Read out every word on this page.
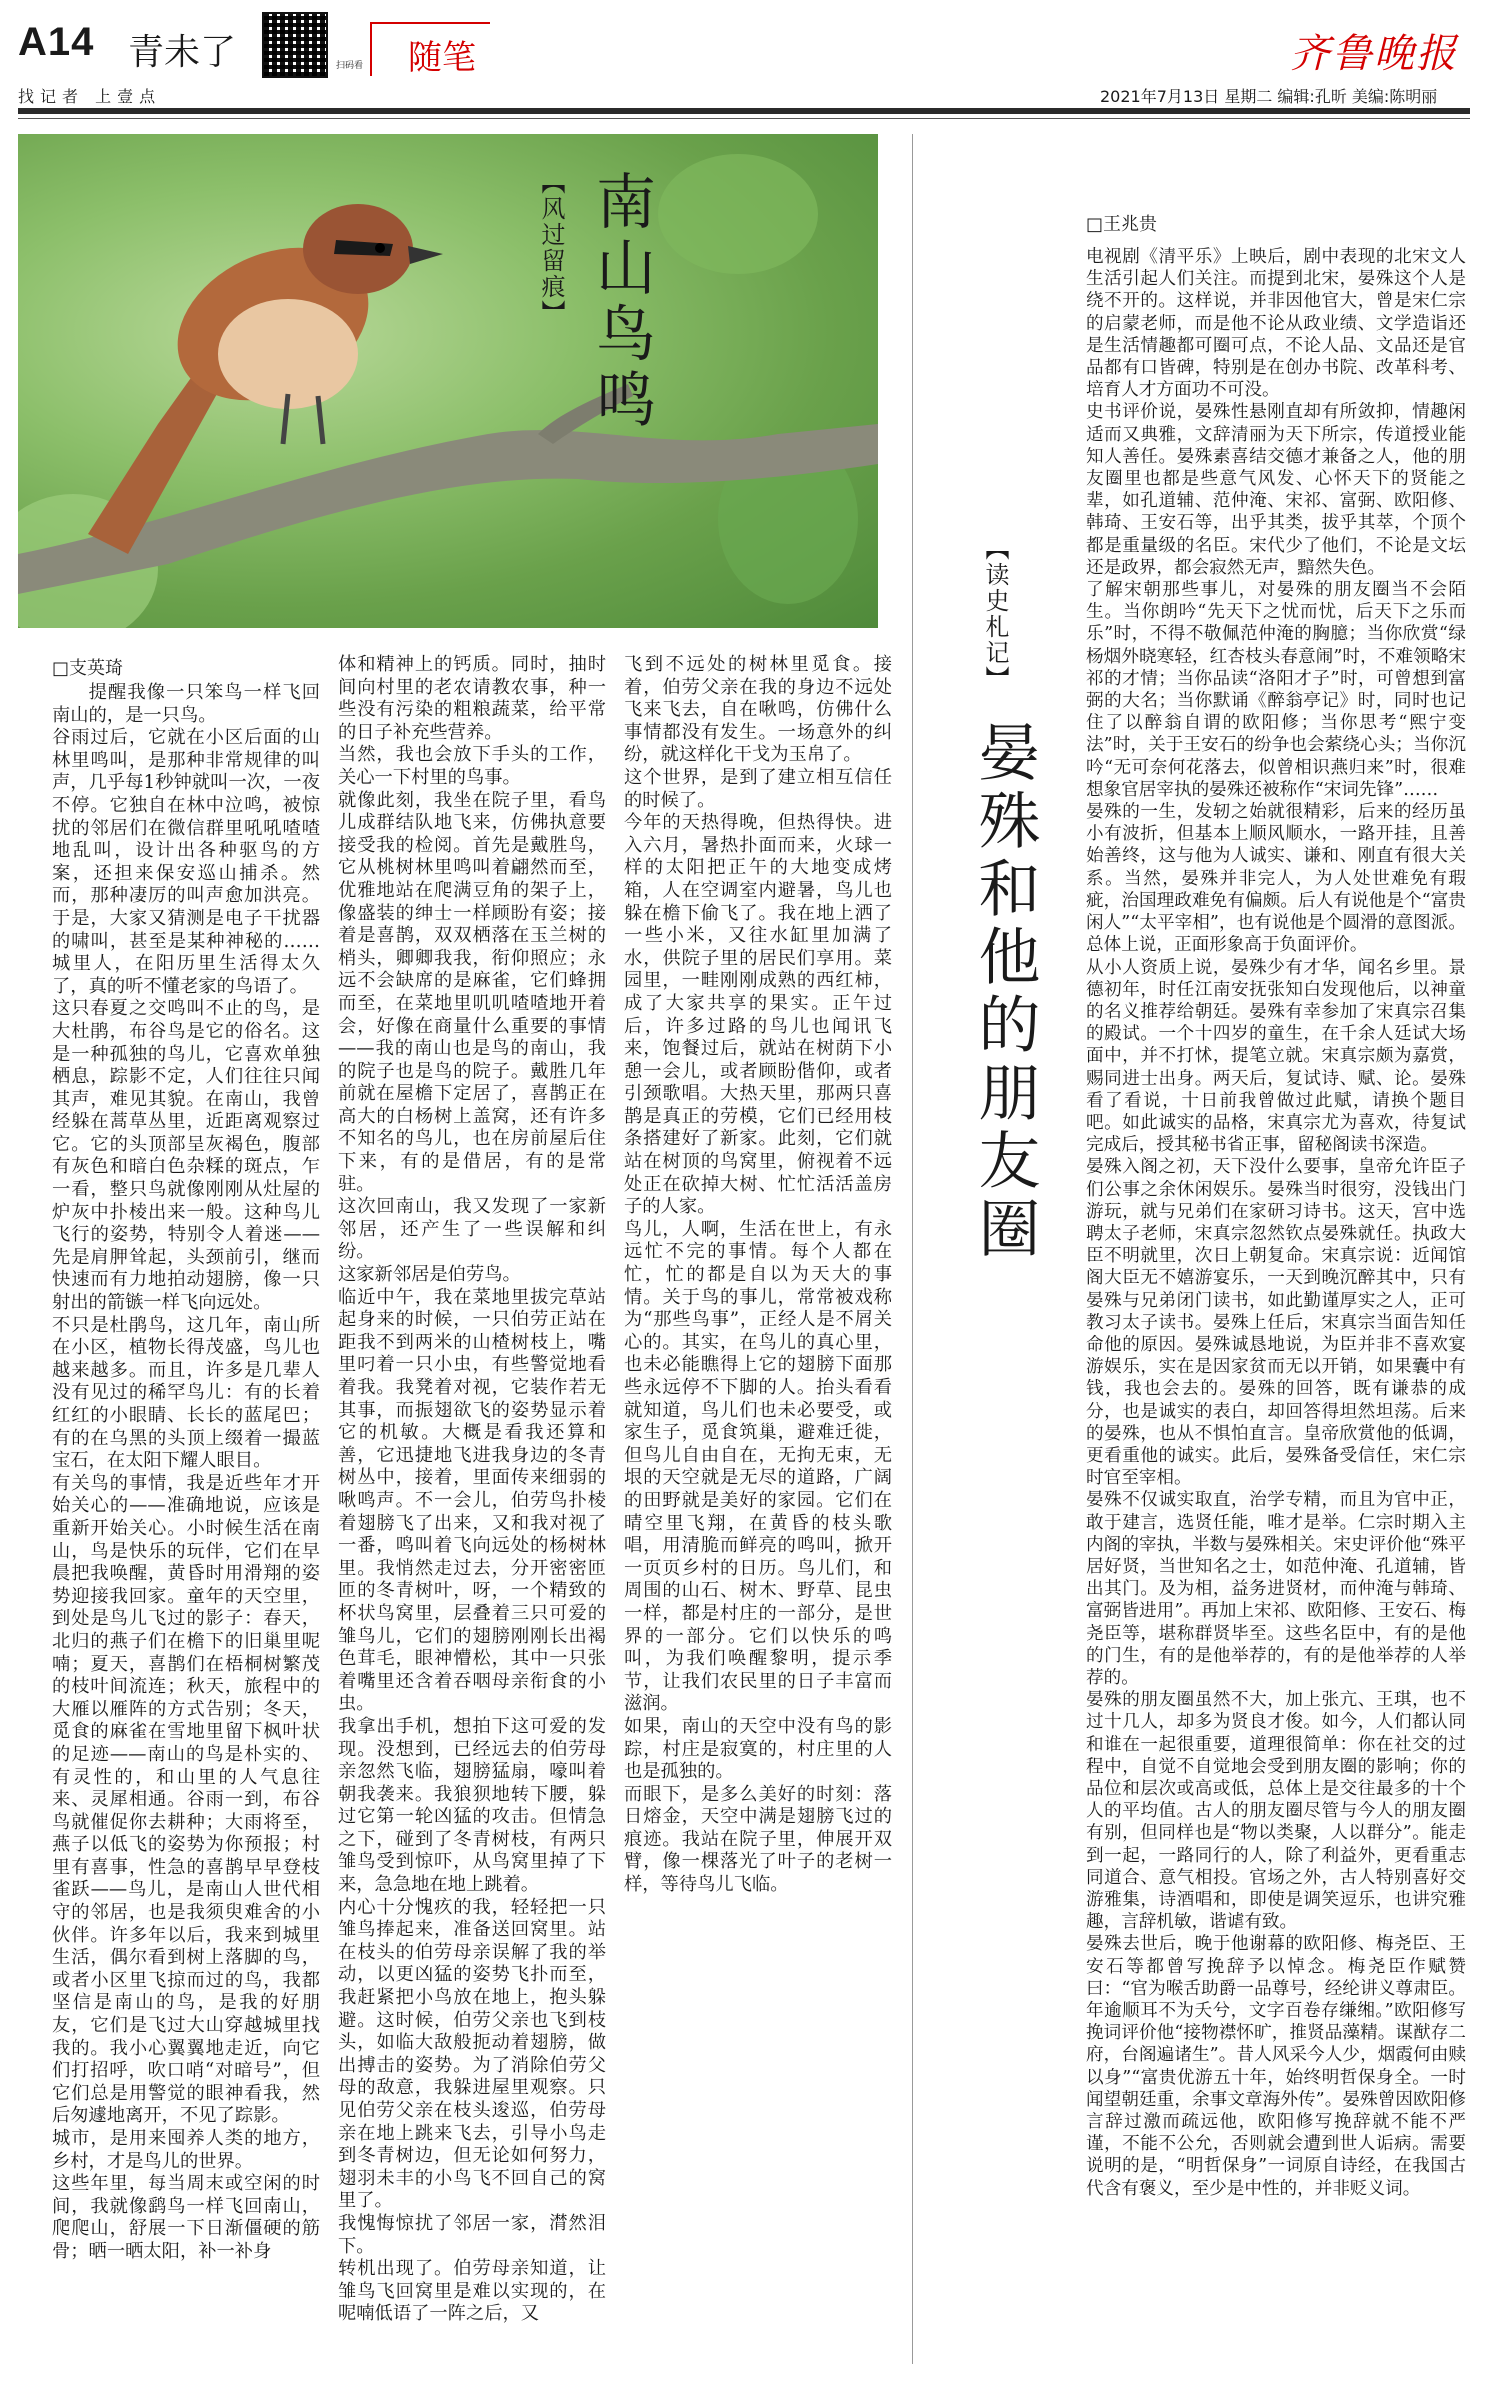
A14 青未了	扫码看 随笔	齐鲁晚报
找记者 上壹点	2021年7月13日 星期二 编辑:孔昕 美编:陈明丽
南山鸟鸣
【风过留痕】
□支英琦
提醒我像一只笨鸟一样飞回南山的，是一只鸟。
谷雨过后，它就在小区后面的山林里鸣叫，是那种非常规律的叫声，几乎每1秒钟就叫一次，一夜不停。它独自在林中泣鸣，被惊扰的邻居们在微信群里吼吼喳喳地乱叫，设计出各种驱鸟的方案，还担来保安巡山捕杀。然而，那种凄厉的叫声愈加洪亮。于是，大家又猜测是电子干扰器的啸叫，甚至是某种神秘的……城里人，在阳历里生活得太久了，真的听不懂老家的鸟语了。
这只春夏之交鸣叫不止的鸟，是大杜鹃，布谷鸟是它的俗名。这是一种孤独的鸟儿，它喜欢单独栖息，踪影不定，人们往往只闻其声，难见其貌。在南山，我曾经躲在蒿草丛里，近距离观察过它。它的头顶部呈灰褐色，腹部有灰色和暗白色杂糅的斑点，乍一看，整只鸟就像刚刚从灶屋的炉灰中扑棱出来一般。这种鸟儿飞行的姿势，特别令人着迷——先是肩胛耸起，头颈前引，继而快速而有力地拍动翅膀，像一只射出的箭镞一样飞向远处。
不只是杜鹃鸟，这几年，南山所在小区，植物长得茂盛，鸟儿也越来越多。而且，许多是几辈人没有见过的稀罕鸟儿：有的长着红红的小眼睛、长长的蓝尾巴；有的在乌黑的头顶上缀着一撮蓝宝石，在太阳下耀人眼目。
有关鸟的事情，我是近些年才开始关心的——准确地说，应该是重新开始关心。小时候生活在南山，鸟是快乐的玩伴，它们在早晨把我唤醒，黄昏时用滑翔的姿势迎接我回家。童年的天空里，到处是鸟儿飞过的影子：春天，北归的燕子们在檐下的旧巢里呢喃；夏天，喜鹊们在梧桐树繁茂的枝叶间流连；秋天，旅程中的大雁以雁阵的方式告别；冬天，觅食的麻雀在雪地里留下枫叶状的足迹——南山的鸟是朴实的、有灵性的，和山里的人气息往来、灵犀相通。谷雨一到，布谷鸟就催促你去耕种；大雨将至，燕子以低飞的姿势为你预报；村里有喜事，性急的喜鹊早早登枝雀跃——鸟儿，是南山人世代相守的邻居，也是我须臾难舍的小伙伴。许多年以后，我来到城里生活，偶尔看到树上落脚的鸟，或者小区里飞掠而过的鸟，我都坚信是南山的鸟，是我的好朋友，它们是飞过大山穿越城里找我的。我小心翼翼地走近，向它们打招呼，吹口哨“对暗号”，但它们总是用警觉的眼神看我，然后匆遽地离开，不见了踪影。
城市，是用来囤养人类的地方，乡村，才是鸟儿的世界。
这些年里，每当周末或空闲的时间，我就像鹞鸟一样飞回南山，爬爬山，舒展一下日渐僵硬的筋骨；晒一晒太阳，补一补身
体和精神上的钙质。同时，抽时间向村里的老农请教农事，种一些没有污染的粗粮蔬菜，给平常的日子补充些营养。
当然，我也会放下手头的工作，关心一下村里的鸟事。
就像此刻，我坐在院子里，看鸟儿成群结队地飞来，仿佛执意要接受我的检阅。首先是戴胜鸟，它从桃树林里鸣叫着翩然而至，优雅地站在爬满豆角的架子上，像盛装的绅士一样顾盼有姿；接着是喜鹊，双双栖落在玉兰树的梢头，卿卿我我，衔仰照应；永远不会缺席的是麻雀，它们蜂拥而至，在菜地里叽叽喳喳地开着会，好像在商量什么重要的事情——我的南山也是鸟的南山，我的院子也是鸟的院子。戴胜几年前就在屋檐下定居了，喜鹊正在高大的白杨树上盖窝，还有许多不知名的鸟儿，也在房前屋后住下来，有的是借居，有的是常驻。
这次回南山，我又发现了一家新邻居，还产生了一些误解和纠纷。
这家新邻居是伯劳鸟。
临近中午，我在菜地里拔完草站起身来的时候，一只伯劳正站在距我不到两米的山楂树枝上，嘴里叼着一只小虫，有些警觉地看着我。我凳着对视，它装作若无其事，而振翅欲飞的姿势显示着它的机敏。大概是看我还算和善，它迅捷地飞进我身边的冬青树丛中，接着，里面传来细弱的啾鸣声。不一会儿，伯劳鸟扑棱着翅膀飞了出来，又和我对视了一番，鸣叫着飞向远处的杨树林里。我悄然走过去，分开密密匝匝的冬青树叶，呀，一个精致的杯状鸟窝里，层叠着三只可爱的雏鸟儿，它们的翅膀刚刚长出褐色茸毛，眼神懵松，其中一只张着嘴里还含着吞咽母亲衔食的小虫。
我拿出手机，想拍下这可爱的发现。没想到，已经远去的伯劳母亲忽然飞临，翅膀猛扇，嚎叫着朝我袭来。我狼狈地转下腰，躲过它第一轮凶猛的攻击。但情急之下，碰到了冬青树枝，有两只雏鸟受到惊吓，从鸟窝里掉了下来，急急地在地上跳着。
内心十分愧疚的我，轻轻把一只雏鸟捧起来，准备送回窝里。站在枝头的伯劳母亲误解了我的举动，以更凶猛的姿势飞扑而至，我赶紧把小鸟放在地上，抱头躲避。这时候，伯劳父亲也飞到枝头，如临大敌般扼动着翅膀，做出搏击的姿势。为了消除伯劳父母的敌意，我躲进屋里观察。只见伯劳父亲在枝头逡巡，伯劳母亲在地上跳来飞去，引导小鸟走到冬青树边，但无论如何努力，翅羽未丰的小鸟飞不回自己的窝里了。
我愧悔惊扰了邻居一家，潸然泪下。
转机出现了。伯劳母亲知道，让雏鸟飞回窝里是难以实现的，在呢喃低语了一阵之后，又
飞到不远处的树林里觅食。接着，伯劳父亲在我的身边不远处飞来飞去，自在啾鸣，仿佛什么事情都没有发生。一场意外的纠纷，就这样化干戈为玉帛了。
这个世界，是到了建立相互信任的时候了。
今年的天热得晚，但热得快。进入六月，暑热扑面而来，火球一样的太阳把正午的大地变成烤箱，人在空调室内避暑，鸟儿也躲在檐下偷飞了。我在地上洒了一些小米，又往水缸里加满了水，供院子里的居民们享用。菜园里，一畦刚刚成熟的西红柿，成了大家共享的果实。正午过后，许多过路的鸟儿也闻讯飞来，饱餐过后，就站在树荫下小憩一会儿，或者顾盼偕仰，或者引颈歌唱。大热天里，那两只喜鹊是真正的劳模，它们已经用枝条搭建好了新家。此刻，它们就站在树顶的鸟窝里，俯视着不远处正在砍掉大树、忙忙活活盖房子的人家。
鸟儿，人啊，生活在世上，有永远忙不完的事情。每个人都在忙，忙的都是自以为天大的事情。关于鸟的事儿，常常被戏称为“那些鸟事”，正经人是不屑关心的。其实，在鸟儿的真心里，也未必能瞧得上它的翅膀下面那些永远停不下脚的人。抬头看看就知道，鸟儿们也未必要受，或家生子，觅食筑巢，避难迁徙，但鸟儿自由自在，无拘无束，无垠的天空就是无尽的道路，广阔的田野就是美好的家园。它们在晴空里飞翔，在黄昏的枝头歌唱，用清脆而鲜亮的鸣叫，掀开一页页乡村的日历。鸟儿们，和周围的山石、树木、野草、昆虫一样，都是村庄的一部分，是世界的一部分。它们以快乐的鸣叫，为我们唤醒黎明，提示季节，让我们农民里的日子丰富而滋润。
如果，南山的天空中没有鸟的影踪，村庄是寂寞的，村庄里的人也是孤独的。
而眼下，是多么美好的时刻：落日熔金，天空中满是翅膀飞过的痕迹。我站在院子里，伸展开双臂，像一棵落光了叶子的老树一样，等待鸟儿飞临。
【读史札记】
晏殊和他的朋友圈
□王兆贵
电视剧《清平乐》上映后，剧中表现的北宋文人生活引起人们关注。而提到北宋，晏殊这个人是绕不开的。这样说，并非因他官大，曾是宋仁宗的启蒙老师，而是他不论从政业绩、文学造诣还是生活情趣都可圈可点，不论人品、文品还是官品都有口皆碑，特别是在创办书院、改革科考、培育人才方面功不可没。
史书评价说，晏殊性悬刚直却有所敛抑，情趣闲适而又典雅，文辞清丽为天下所宗，传道授业能知人善任。晏殊素喜结交德才兼备之人，他的朋友圈里也都是些意气风发、心怀天下的贤能之辈，如孔道辅、范仲淹、宋祁、富弼、欧阳修、韩琦、王安石等，出乎其类，拔乎其萃，个顶个都是重量级的名臣。宋代少了他们，不论是文坛还是政界，都会寂然无声，黯然失色。
了解宋朝那些事儿，对晏殊的朋友圈当不会陌生。当你朗吟“先天下之忧而忧，后天下之乐而乐”时，不得不敬佩范仲淹的胸臆；当你欣赏“绿杨烟外晓寒轻，红杏枝头春意闹”时，不难领略宋祁的才情；当你品读“洛阳才子”时，可曾想到富弼的大名；当你默诵《醉翁亭记》时，同时也记住了以醉翁自谓的欧阳修；当你思考“熙宁变法”时，关于王安石的纷争也会萦绕心头；当你沉吟“无可奈何花落去，似曾相识燕归来”时，很难想象官居宰执的晏殊还被称作“宋词先锋”……
晏殊的一生，发轫之始就很精彩，后来的经历虽小有波折，但基本上顺风顺水，一路开挂，且善始善终，这与他为人诚实、谦和、刚直有很大关系。当然，晏殊并非完人，为人处世难免有瑕疵，治国理政难免有偏颇。后人有说他是个“富贵闲人”“太平宰相”，也有说他是个圆滑的意图派。总体上说，正面形象高于负面评价。
从小人资质上说，晏殊少有才华，闻名乡里。景德初年，时任江南安抚张知白发现他后，以神童的名义推荐给朝廷。晏殊有幸参加了宋真宗召集的殿试。一个十四岁的童生，在千余人廷试大场面中，并不打怵，提笔立就。宋真宗颇为嘉赏，赐同进士出身。两天后，复试诗、赋、论。晏殊看了看说，十日前我曾做过此赋，请换个题目吧。如此诚实的品格，宋真宗尤为喜欢，待复试完成后，授其秘书省正事，留秘阁读书深造。
晏殊入阁之初，天下没什么要事，皇帝允许臣子们公事之余休闲娱乐。晏殊当时很穷，没钱出门游玩，就与兄弟们在家研习诗书。这天，宫中选聘太子老师，宋真宗忽然钦点晏殊就任。执政大臣不明就里，次日上朝复命。宋真宗说：近闻馆阁大臣无不嬉游宴乐，一天到晚沉醉其中，只有晏殊与兄弟闭门读书，如此勤谨厚实之人，正可教习太子读书。晏殊上任后，宋真宗当面告知任命他的原因。晏殊诚恳地说，为臣并非不喜欢宴游娱乐，实在是因家贫而无以开销，如果囊中有钱，我也会去的。晏殊的回答，既有谦恭的成分，也是诚实的表白，却回答得坦然坦荡。后来的晏殊，也从不惧怕直言。皇帝欣赏他的低调，更看重他的诚实。此后，晏殊备受信任，宋仁宗时官至宰相。
晏殊不仅诚实取直，治学专精，而且为官中正，敢于建言，选贤任能，唯才是举。仁宗时期入主内阁的宰执，半数与晏殊相关。宋史评价他“殊平居好贤，当世知名之士，如范仲淹、孔道辅，皆出其门。及为相，益务进贤材，而仲淹与韩琦、富弼皆进用”。再加上宋祁、欧阳修、王安石、梅尧臣等，堪称群贤毕至。这些名臣中，有的是他的门生，有的是他举荐的，有的是他举荐的人举荐的。
晏殊的朋友圈虽然不大，加上张亢、王琪，也不过十几人，却多为贤良才俊。如今，人们都认同和谁在一起很重要，道理很简单：你在社交的过程中，自觉不自觉地会受到朋友圈的影响；你的品位和层次或高或低，总体上是交往最多的十个人的平均值。古人的朋友圈尽管与今人的朋友圈有别，但同样也是“物以类聚，人以群分”。能走到一起，一路同行的人，除了利益外，更看重志同道合、意气相投。官场之外，古人特别喜好交游雅集，诗酒唱和，即使是调笑逗乐，也讲究雅趣，言辞机敏，谐谑有致。
晏殊去世后，晚于他谢幕的欧阳修、梅尧臣、王安石等都曾写挽辞予以悼念。梅尧臣作赋赞曰：“官为喉舌助爵一品尊号，经纶讲义尊肃臣。年逾顺耳不为夭兮，文字百卷存缣缃。”欧阳修写挽词评价他“接物襟怀旷，推贤品藻精。谋猷存二府，台阁遍诸生”。昔人风采今人少，烟霞何由赎以身”“富贵优游五十年，始终明哲保身全。一时闻望朝廷重，余事文章海外传”。晏殊曾因欧阳修言辞过激而疏远他，欧阳修写挽辞就不能不严谨，不能不公允，否则就会遭到世人诟病。需要说明的是，“明哲保身”一词原自诗经，在我国古代含有褒义，至少是中性的，并非贬义词。
